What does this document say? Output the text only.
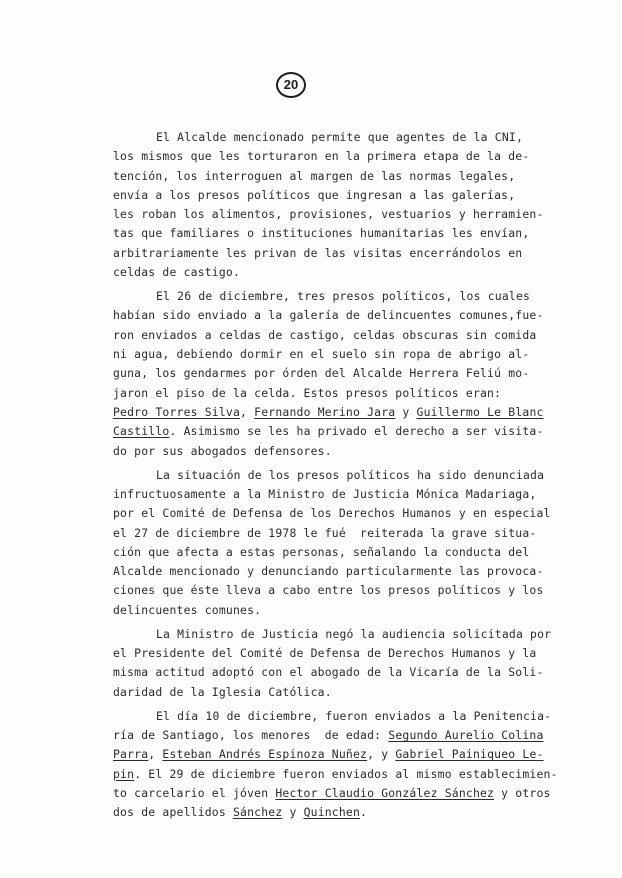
20
El Alcalde mencionado permite que agentes de la CNI,
los mismos que les torturaron en la primera etapa de la de-
tención, los interroguen al margen de las normas legales,
envía a los presos políticos que ingresan a las galerías,
les roban los alimentos, provisiones, vestuarios y herramien-
tas que familiares o instituciones humanitarias les envían,
arbitrariamente les privan de las visitas encerrándolos en
celdas de castigo.
El 26 de diciembre, tres presos políticos, los cuales
habían sido enviado a la galería de delincuentes comunes,fue-
ron enviados a celdas de castigo, celdas obscuras sin comida
ni agua, debiendo dormir en el suelo sin ropa de abrigo al-
guna, los gendarmes por órden del Alcalde Herrera Feliú mo-
jaron el piso de la celda. Estos presos políticos eran:
Pedro Torres Silva, Fernando Merino Jara y Guillermo Le Blanc
Castillo. Asimismo se les ha privado el derecho a ser visita-
do por sus abogados defensores.
La situación de los presos políticos ha sido denunciada
infructuosamente a la Ministro de Justicia Mónica Madariaga,
por el Comité de Defensa de los Derechos Humanos y en especial
el 27 de diciembre de 1978 le fué  reiterada la grave situa-
ción que afecta a estas personas, señalando la conducta del
Alcalde mencionado y denunciando particularmente las provoca-
ciones que éste lleva a cabo entre los presos políticos y los
delincuentes comunes.
La Ministro de Justicia negó la audiencia solicitada por
el Presidente del Comité de Defensa de Derechos Humanos y la
misma actitud adoptó con el abogado de la Vicaría de la Soli-
daridad de la Iglesia Católica.
El día 10 de diciembre, fueron enviados a la Penitencia-
ría de Santiago, los menores  de edad: Segundo Aurelio Colina
Parra, Esteban Andrés Espinoza Nuñez, y Gabriel Painiqueo Le-
pin. El 29 de diciembre fueron enviados al mismo establecimien-
to carcelario el jóven Hector Claudio González Sánchez y otros
dos de apellidos Sánchez y Quinchen.
